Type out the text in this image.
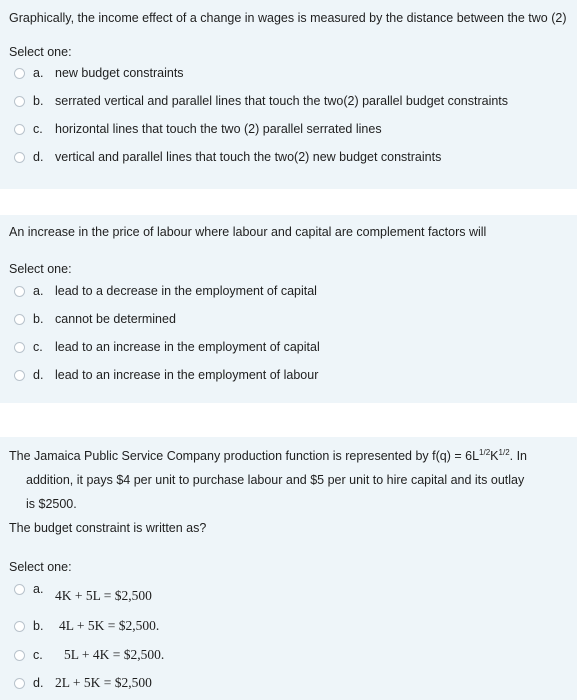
Graphically, the income effect of a change in wages is measured by the distance between the two (2)
Select one:
a. new budget constraints
b. serrated vertical and parallel lines that touch the two(2) parallel budget constraints
c. horizontal lines that touch the two (2) parallel serrated lines
d. vertical and parallel lines that touch the two(2) new budget constraints
An increase in the price of labour where labour and capital are complement factors will
Select one:
a. lead to a decrease in the employment of capital
b. cannot be determined
c. lead to an increase in the employment of capital
d. lead to an increase in the employment of labour
The Jamaica Public Service Company production function is represented by $f(q) = 6L^{1/2}K^{1/2}$. In
addition, it pays $4 per unit to purchase labour and $5 per unit to hire capital and its outlay
is $2500.
The budget constraint is written as?
Select one:
a. 4K + 5L = $2,500
b.	4L + 5K = $2,500.
c.	5L + 4K = $2,500.
d. 2L + 5K = $2,500
